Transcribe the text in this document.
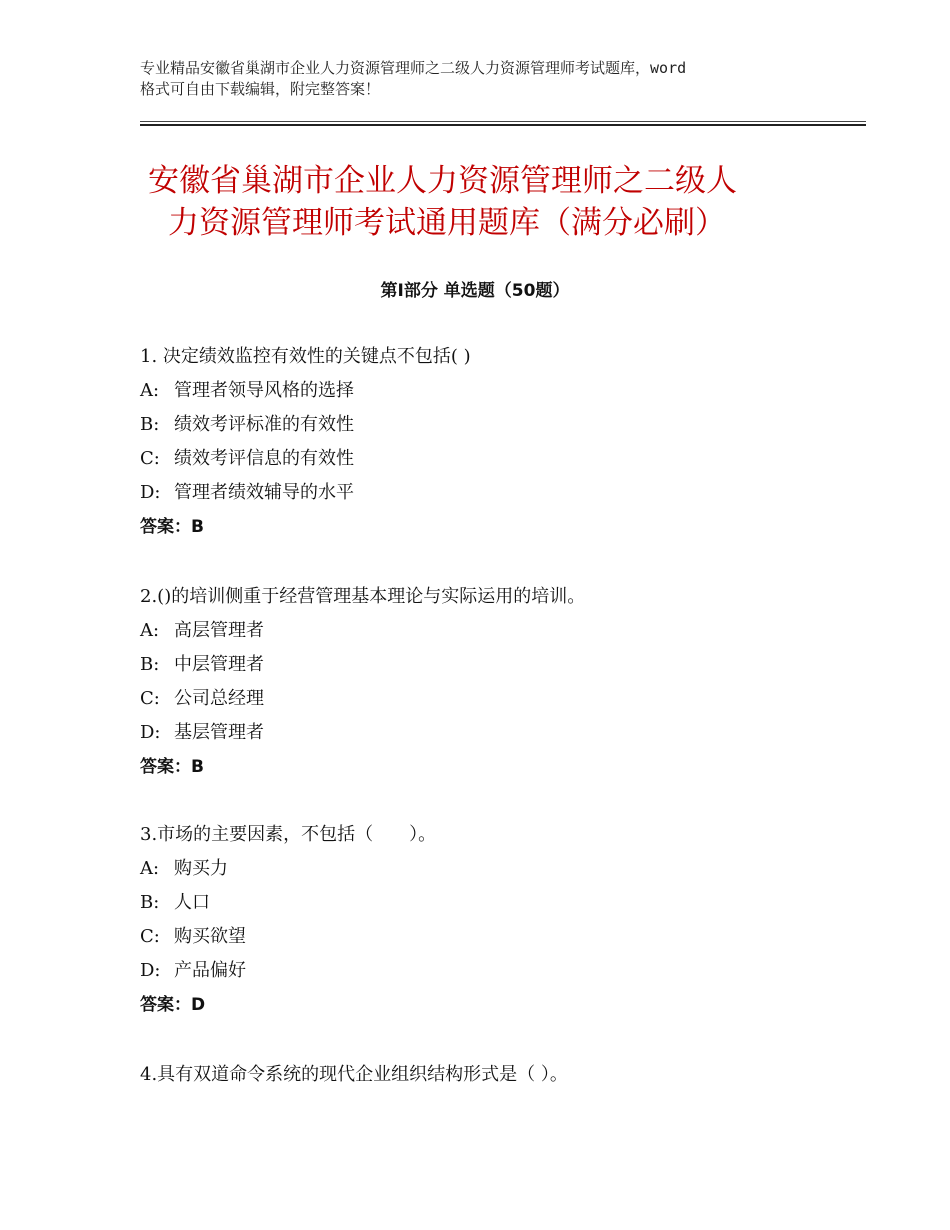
专业精品安徽省巢湖市企业人力资源管理师之二级人力资源管理师考试题库，word
格式可自由下载编辑，附完整答案！
安徽省巢湖市企业人力资源管理师之二级人
力资源管理师考试通用题库（满分必刷）
第Ⅰ部分 单选题（50题）
1. 决定绩效监控有效性的关键点不包括( )
A: 管理者领导风格的选择
B: 绩效考评标准的有效性
C: 绩效考评信息的有效性
D: 管理者绩效辅导的水平
答案：B
2.()的培训侧重于经营管理基本理论与实际运用的培训。
A: 高层管理者
B: 中层管理者
C: 公司总经理
D: 基层管理者
答案：B
3.市场的主要因素，不包括（　　）。
A: 购买力
B: 人口
C: 购买欲望
D: 产品偏好
答案：D
4.具有双道命令系统的现代企业组织结构形式是（ ）。
